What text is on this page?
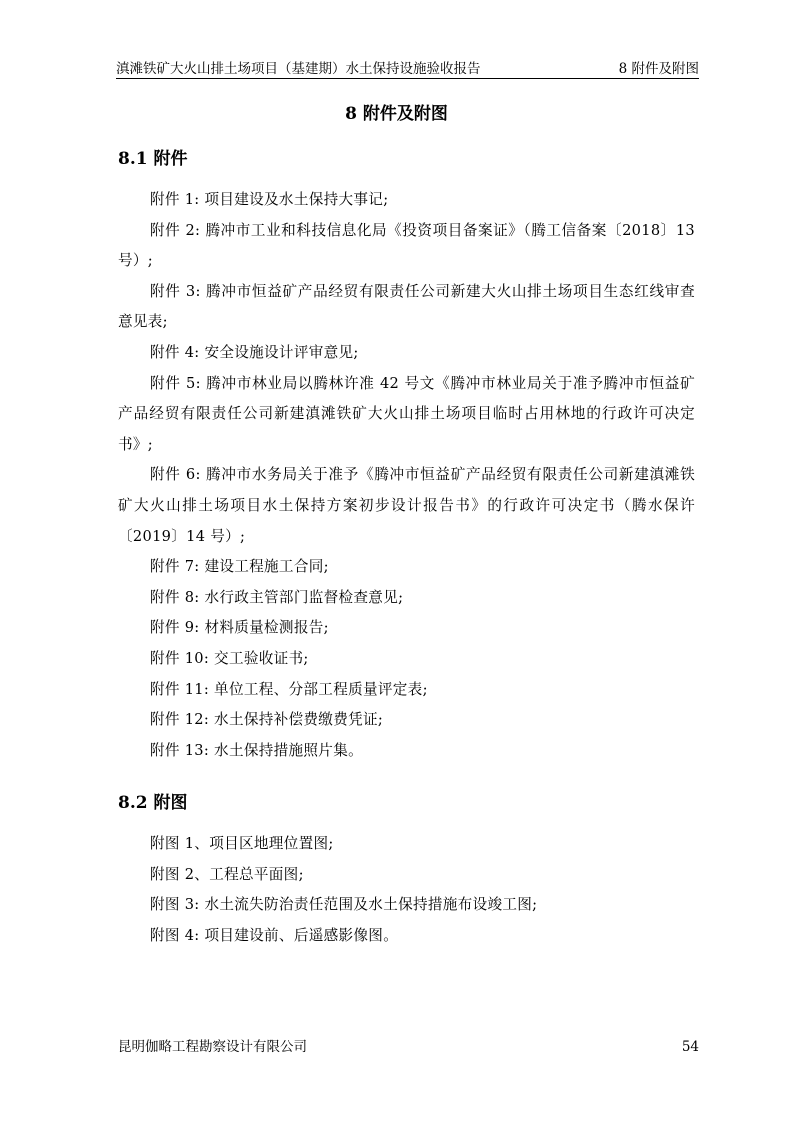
滇滩铁矿大火山排土场项目（基建期）水土保持设施验收报告	8 附件及附图
8 附件及附图
8.1 附件
附件 1: 项目建设及水土保持大事记;
附件 2: 腾冲市工业和科技信息化局《投资项目备案证》（腾工信备案〔2018〕13 号）;
附件 3: 腾冲市恒益矿产品经贸有限责任公司新建大火山排土场项目生态红线审查意见表;
附件 4: 安全设施设计评审意见;
附件 5: 腾冲市林业局以腾林许准 42 号文《腾冲市林业局关于准予腾冲市恒益矿产品经贸有限责任公司新建滇滩铁矿大火山排土场项目临时占用林地的行政许可决定书》;
附件 6: 腾冲市水务局关于准予《腾冲市恒益矿产品经贸有限责任公司新建滇滩铁矿大火山排土场项目水土保持方案初步设计报告书》的行政许可决定书（腾水保许〔2019〕14 号）;
附件 7: 建设工程施工合同;
附件 8: 水行政主管部门监督检查意见;
附件 9: 材料质量检测报告;
附件 10: 交工验收证书;
附件 11: 单位工程、分部工程质量评定表;
附件 12: 水土保持补偿费缴费凭证;
附件 13: 水土保持措施照片集。
8.2 附图
附图 1、项目区地理位置图;
附图 2、工程总平面图;
附图 3: 水土流失防治责任范围及水土保持措施布设竣工图;
附图 4: 项目建设前、后遥感影像图。
昆明伽略工程勘察设计有限公司	54
